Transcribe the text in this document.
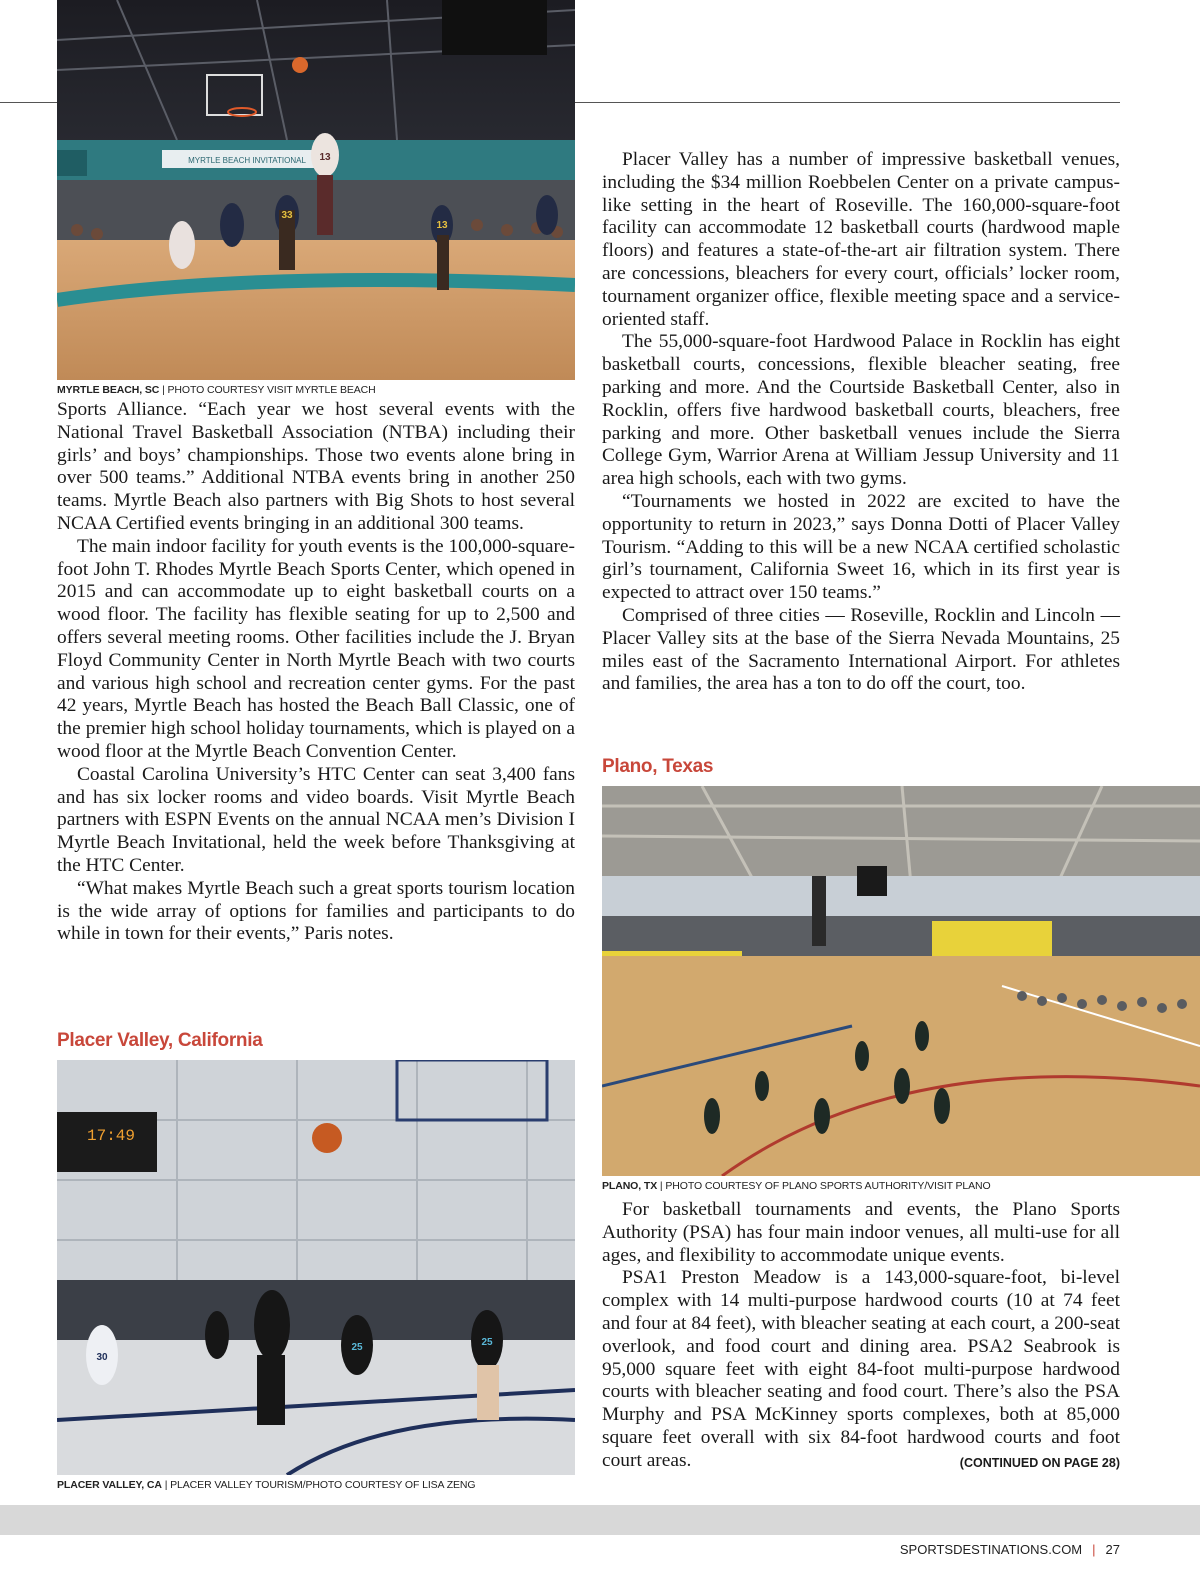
MYRTLE BEACH INVITATIONAL 13
33
13
MYRTLE BEACH, SC | PHOTO COURTESY VISIT MYRTLE BEACH

Sports Alliance. “Each year we host several events with the National Travel Basketball Association (NTBA) including their girls’ and boys’ championships. Those two events alone bring in over 500 teams.” Additional NTBA events bring in another 250 teams. Myrtle Beach also partners with Big Shots to host several NCAA Certified events bringing in an additional 300 teams.

The main indoor facility for youth events is the 100,000-square-foot John T. Rhodes Myrtle Beach Sports Center, which opened in 2015 and can accommodate up to eight basketball courts on a wood floor. The facility has flexible seating for up to 2,500 and offers several meeting rooms. Other facilities include the J. Bryan Floyd Community Center in North Myrtle Beach with two courts and various high school and recreation center gyms. For the past 42 years, Myrtle Beach has hosted the Beach Ball Classic, one of the premier high school holiday tournaments, which is played on a wood floor at the Myrtle Beach Convention Center.

Coastal Carolina University’s HTC Center can seat 3,400 fans and has six locker rooms and video boards. Visit Myrtle Beach partners with ESPN Events on the annual NCAA men’s Division I Myrtle Beach Invitational, held the week before Thanksgiving at the HTC Center.

“What makes Myrtle Beach such a great sports tourism location is the wide array of options for families and participants to do while in town for their events,” Paris notes.

Placer Valley, California
17:49
25	25
30
PLACER VALLEY, CA | PLACER VALLEY TOURISM/PHOTO COURTESY OF LISA ZENG

Placer Valley has a number of impressive basketball venues, including the $34 million Roebbelen Center on a private campus-like setting in the heart of Roseville. The 160,000-square-foot facility can accommodate 12 basketball courts (hardwood maple floors) and features a state-of-the-art air filtration system. There are concessions, bleachers for every court, officials’ locker room, tournament organizer office, flexible meeting space and a service-oriented staff.

The 55,000-square-foot Hardwood Palace in Rocklin has eight basketball courts, concessions, flexible bleacher seating, free parking and more. And the Courtside Basketball Center, also in Rocklin, offers five hardwood basketball courts, bleachers, free parking and more. Other basketball venues include the Sierra College Gym, Warrior Arena at William Jessup University and 11 area high schools, each with two gyms.

“Tournaments we hosted in 2022 are excited to have the opportunity to return in 2023,” says Donna Dotti of Placer Valley Tourism. “Adding to this will be a new NCAA certified scholastic girl’s tournament, California Sweet 16, which in its first year is expected to attract over 150 teams.”

Comprised of three cities — Roseville, Rocklin and Lincoln — Placer Valley sits at the base of the Sierra Nevada Mountains, 25 miles east of the Sacramento International Airport. For athletes and families, the area has a ton to do off the court, too.

Plano, Texas
PLANO, TX | PHOTO COURTESY OF PLANO SPORTS AUTHORITY/VISIT PLANO

For basketball tournaments and events, the Plano Sports Authority (PSA) has four main indoor venues, all multi-use for all ages, and flexibility to accommodate unique events.

PSA1 Preston Meadow is a 143,000-square-foot, bi-level complex with 14 multi-purpose hardwood courts (10 at 74 feet and four at 84 feet), with bleacher seating at each court, a 200-seat overlook, and food court and dining area. PSA2 Seabrook is 95,000 square feet with eight 84-foot multi-purpose hardwood courts with bleacher seating and food court. There’s also the PSA Murphy and PSA McKinney sports complexes, both at 85,000 square feet overall with six 84-foot hardwood courts and foot court areas.	(CONTINUED ON PAGE 28)

SPORTSDESTINATIONS.COM | 27
